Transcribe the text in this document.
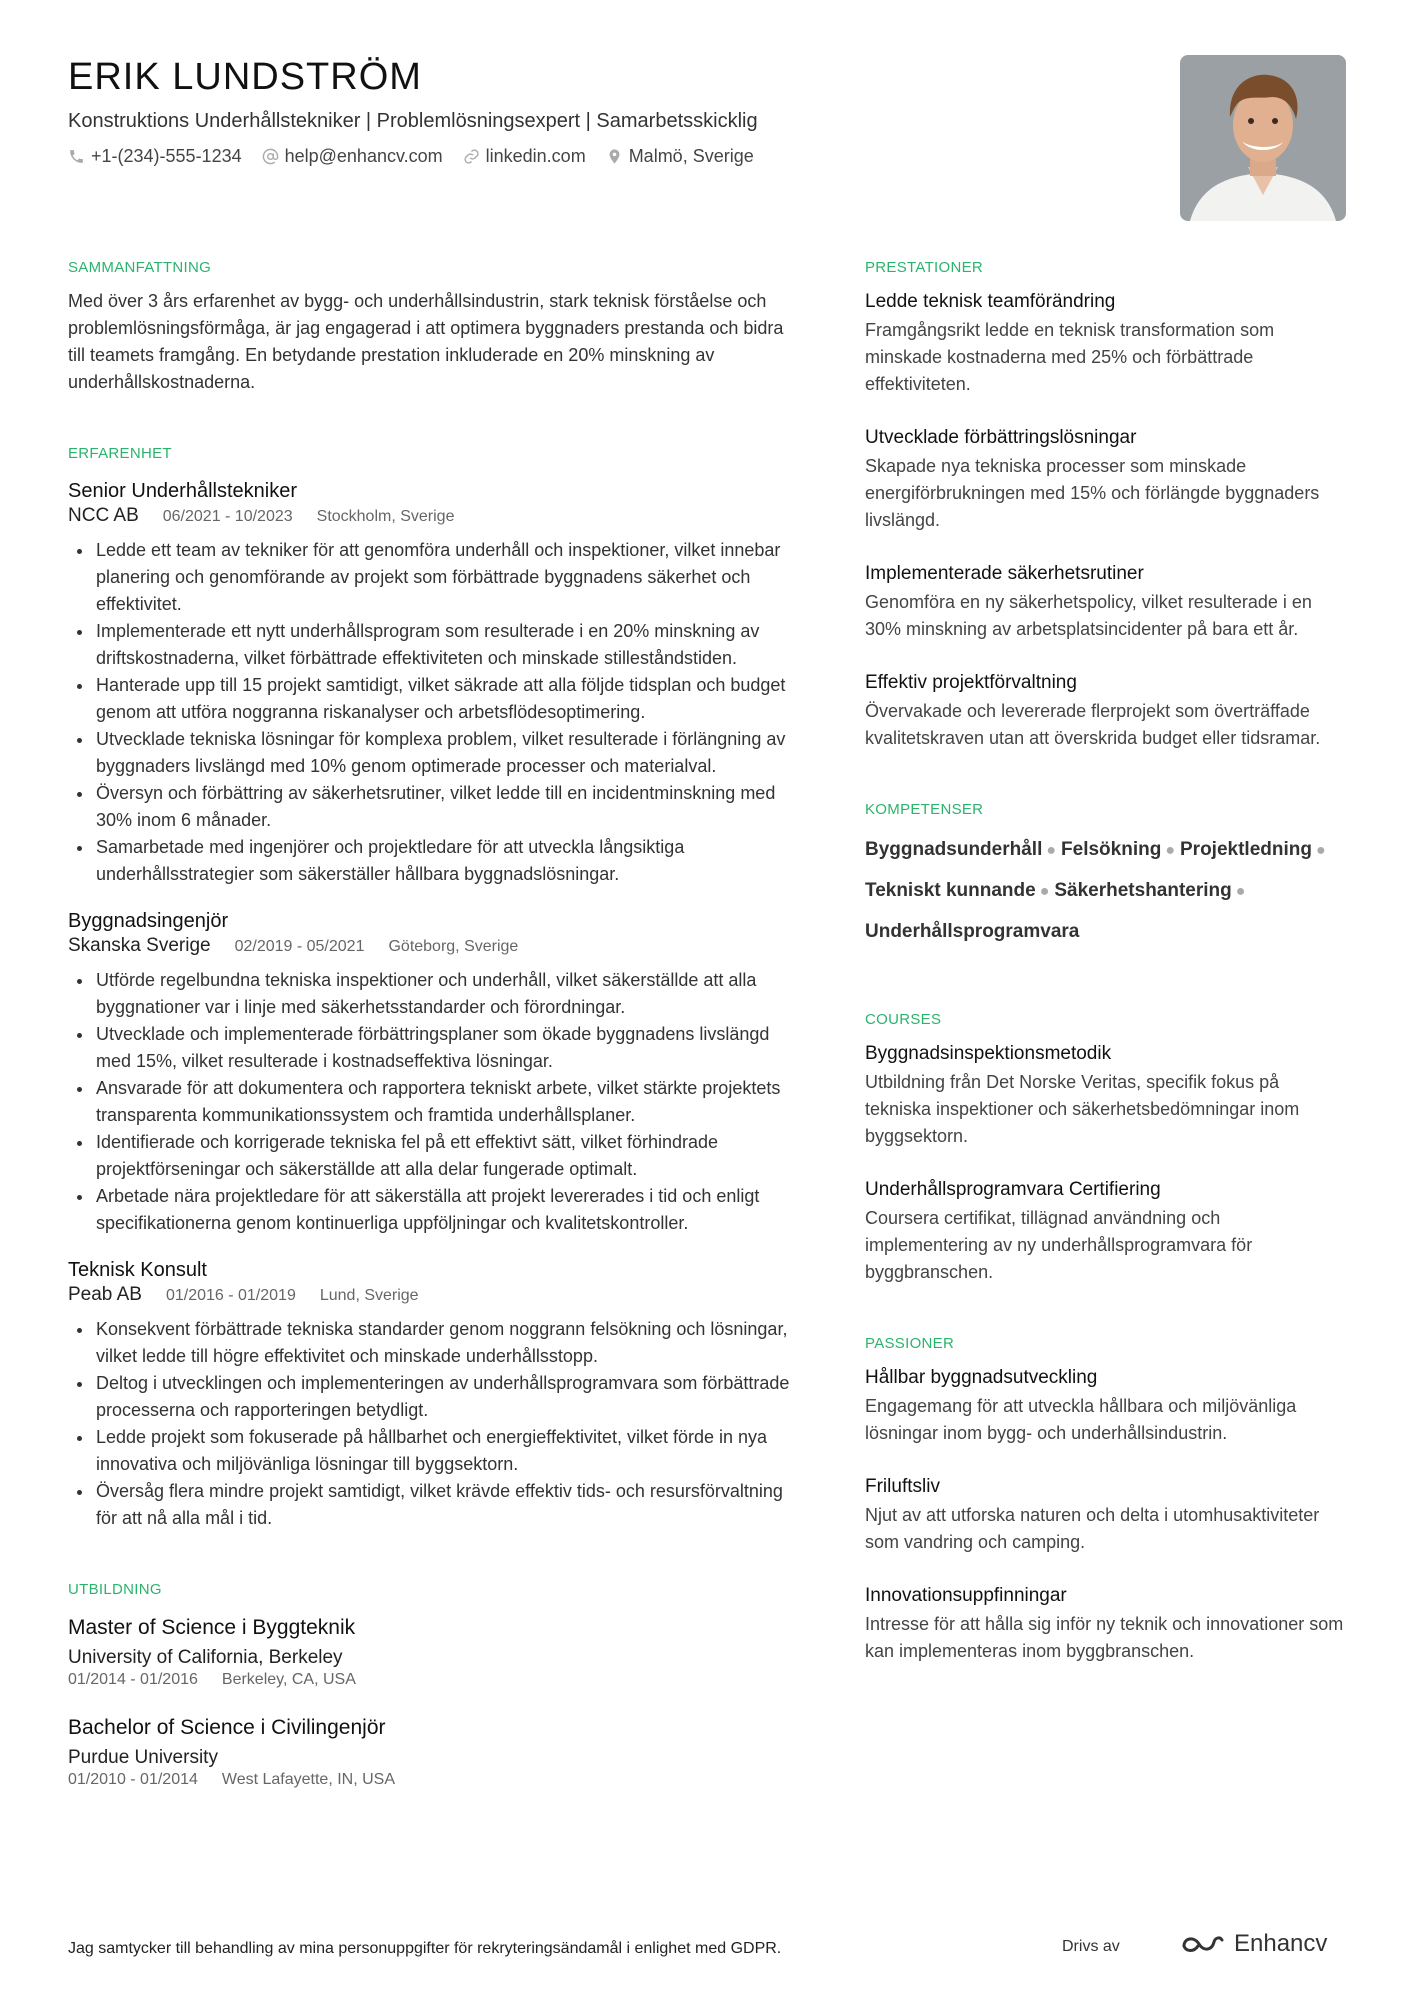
ERIK LUNDSTRÖM
Konstruktions Underhållstekniker | Problemlösningsexpert | Samarbetsskicklig
+1-(234)-555-1234 help@enhancv.com linkedin.com Malmö, Sverige
SAMMANFATTNING
Med över 3 års erfarenhet av bygg- och underhållsindustrin, stark teknisk förståelse och problemlösningsförmåga, är jag engagerad i att optimera byggnaders prestanda och bidra till teamets framgång. En betydande prestation inkluderade en 20% minskning av underhållskostnaderna.
ERFARENHET
Senior Underhållstekniker
NCC AB 06/2021 - 10/2023 Stockholm, Sverige
• Ledde ett team av tekniker för att genomföra underhåll och inspektioner, vilket innebar planering och genomförande av projekt som förbättrade byggnadens säkerhet och effektivitet.
• Implementerade ett nytt underhållsprogram som resulterade i en 20% minskning av driftskostnaderna, vilket förbättrade effektiviteten och minskade stilleståndstiden.
• Hanterade upp till 15 projekt samtidigt, vilket säkrade att alla följde tidsplan och budget genom att utföra noggranna riskanalyser och arbetsflödesoptimering.
• Utvecklade tekniska lösningar för komplexa problem, vilket resulterade i förlängning av byggnaders livslängd med 10% genom optimerade processer och materialval.
• Översyn och förbättring av säkerhetsrutiner, vilket ledde till en incidentminskning med 30% inom 6 månader.
• Samarbetade med ingenjörer och projektledare för att utveckla långsiktiga underhållsstrategier som säkerställer hållbara byggnadslösningar.
Byggnadsingenjör
Skanska Sverige 02/2019 - 05/2021 Göteborg, Sverige
• Utförde regelbundna tekniska inspektioner och underhåll, vilket säkerställde att alla byggnationer var i linje med säkerhetsstandarder och förordningar.
• Utvecklade och implementerade förbättringsplaner som ökade byggnadens livslängd med 15%, vilket resulterade i kostnadseffektiva lösningar.
• Ansvarade för att dokumentera och rapportera tekniskt arbete, vilket stärkte projektets transparenta kommunikationssystem och framtida underhållsplaner.
• Identifierade och korrigerade tekniska fel på ett effektivt sätt, vilket förhindrade projektförseningar och säkerställde att alla delar fungerade optimalt.
• Arbetade nära projektledare för att säkerställa att projekt levererades i tid och enligt specifikationerna genom kontinuerliga uppföljningar och kvalitetskontroller.
Teknisk Konsult
Peab AB 01/2016 - 01/2019 Lund, Sverige
• Konsekvent förbättrade tekniska standarder genom noggrann felsökning och lösningar, vilket ledde till högre effektivitet och minskade underhållsstopp.
• Deltog i utvecklingen och implementeringen av underhållsprogramvara som förbättrade processerna och rapporteringen betydligt.
• Ledde projekt som fokuserade på hållbarhet och energieffektivitet, vilket förde in nya innovativa och miljövänliga lösningar till byggsektorn.
• Översåg flera mindre projekt samtidigt, vilket krävde effektiv tids- och resursförvaltning för att nå alla mål i tid.
UTBILDNING
Master of Science i Byggteknik
University of California, Berkeley
01/2014 - 01/2016 Berkeley, CA, USA
Bachelor of Science i Civilingenjör
Purdue University
01/2010 - 01/2014 West Lafayette, IN, USA
PRESTATIONER
Ledde teknisk teamförändring
Framgångsrikt ledde en teknisk transformation som minskade kostnaderna med 25% och förbättrade effektiviteten.
Utvecklade förbättringslösningar
Skapade nya tekniska processer som minskade energiförbrukningen med 15% och förlängde byggnaders livslängd.
Implementerade säkerhetsrutiner
Genomföra en ny säkerhetspolicy, vilket resulterade i en 30% minskning av arbetsplatsincidenter på bara ett år.
Effektiv projektförvaltning
Övervakade och levererade flerprojekt som överträffade kvalitetskraven utan att överskrida budget eller tidsramar.
KOMPETENSER
Byggnadsunderhåll ● Felsökning ● Projektledning ●
Tekniskt kunnande ● Säkerhetshantering ●
Underhållsprogramvara
COURSES
Byggnadsinspektionsmetodik
Utbildning från Det Norske Veritas, specifik fokus på tekniska inspektioner och säkerhetsbedömningar inom byggsektorn.
Underhållsprogramvara Certifiering
Coursera certifikat, tillägnad användning och implementering av ny underhållsprogramvara för byggbranschen.
PASSIONER
Hållbar byggnadsutveckling
Engagemang för att utveckla hållbara och miljövänliga lösningar inom bygg- och underhållsindustrin.
Friluftsliv
Njut av att utforska naturen och delta i utomhusaktiviteter som vandring och camping.
Innovationsuppfinningar
Intresse för att hålla sig inför ny teknik och innovationer som kan implementeras inom byggbranschen.
Jag samtycker till behandling av mina personuppgifter för rekryteringsändamål i enlighet med GDPR.	Drivs av	Enhancv
